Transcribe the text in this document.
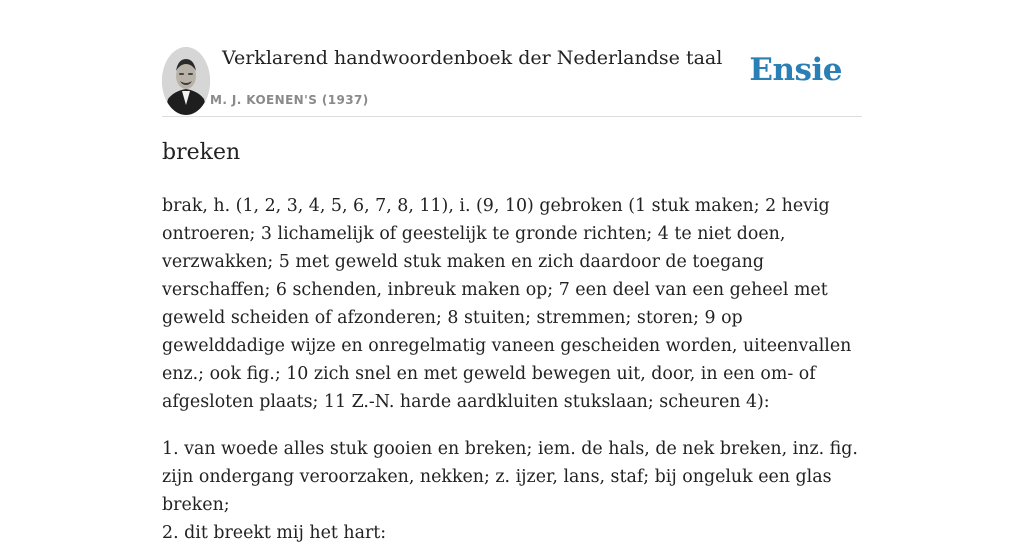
Verklarend handwoordenboek der Nederlandse taal
M. J. KOENEN'S (1937)
Ensie
breken

brak, h. (1, 2, 3, 4, 5, 6, 7, 8, 11), i. (9, 10) gebroken (1 stuk maken; 2 hevig ontroeren; 3 lichamelijk of geestelijk te gronde richten; 4 te niet doen, verzwakken; 5 met geweld stuk maken en zich daardoor de toegang verschaffen; 6 schenden, inbreuk maken op; 7 een deel van een geheel met geweld scheiden of afzonderen; 8 stuiten; stremmen; storen; 9 op gewelddadige wijze en onregelmatig vaneen gescheiden worden, uiteenvallen enz.; ook fig.; 10 zich snel en met geweld bewegen uit, door, in een om- of afgesloten plaats; 11 Z.-N. harde aardkluiten stukslaan; scheuren 4):

1. van woede alles stuk gooien en breken; iem. de hals, de nek breken, inz. fig. zijn ondergang veroorzaken, nekken; z. ijzer, lans, staf; bij ongeluk een glas breken;
2. dit breekt mij het hart:
